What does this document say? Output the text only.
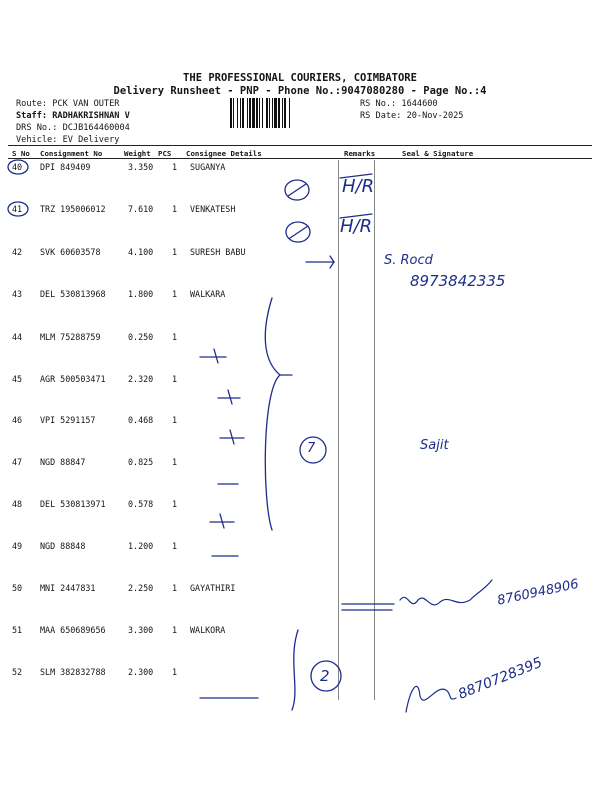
THE PROFESSIONAL COURIERS, COIMBATORE
Delivery Runsheet - PNP - Phone No.:9047080280 - Page No.:4
Route: PCK VAN OUTER
Staff: RADHAKRISHNAN V
DRS No.: DCJB164460004
Vehicle: EV Delivery
RS No.: 1644600
RS Date: 20-Nov-2025
S No Consignment No	Weight PCS Consignee Details	Remarks	Seal & Signature
40 DPI 849409	3.350 1 SUGANYA
41 TRZ 195006012	7.610 1 VENKATESH
42 SVK 60603578	4.100 1 SURESH BABU
43 DEL 530813968	1.800 1 WALKARA
44 MLM 75288759	0.250 1
45 AGR 500503471	2.320 1
46 VPI 5291157	0.468 1
47 NGD 88847	0.825 1
48 DEL 530813971	0.578 1
49 NGD 88848	1.200 1
50 MNI 2447831	2.250 1 GAYATHIRI
51 MAA 650689656	3.300 1 WALKORA
52 SLM 382832788	2.300 1
H/R
H/R
S. Rocd
8973842335
Sajit
7
8760948906
2	8870728395
